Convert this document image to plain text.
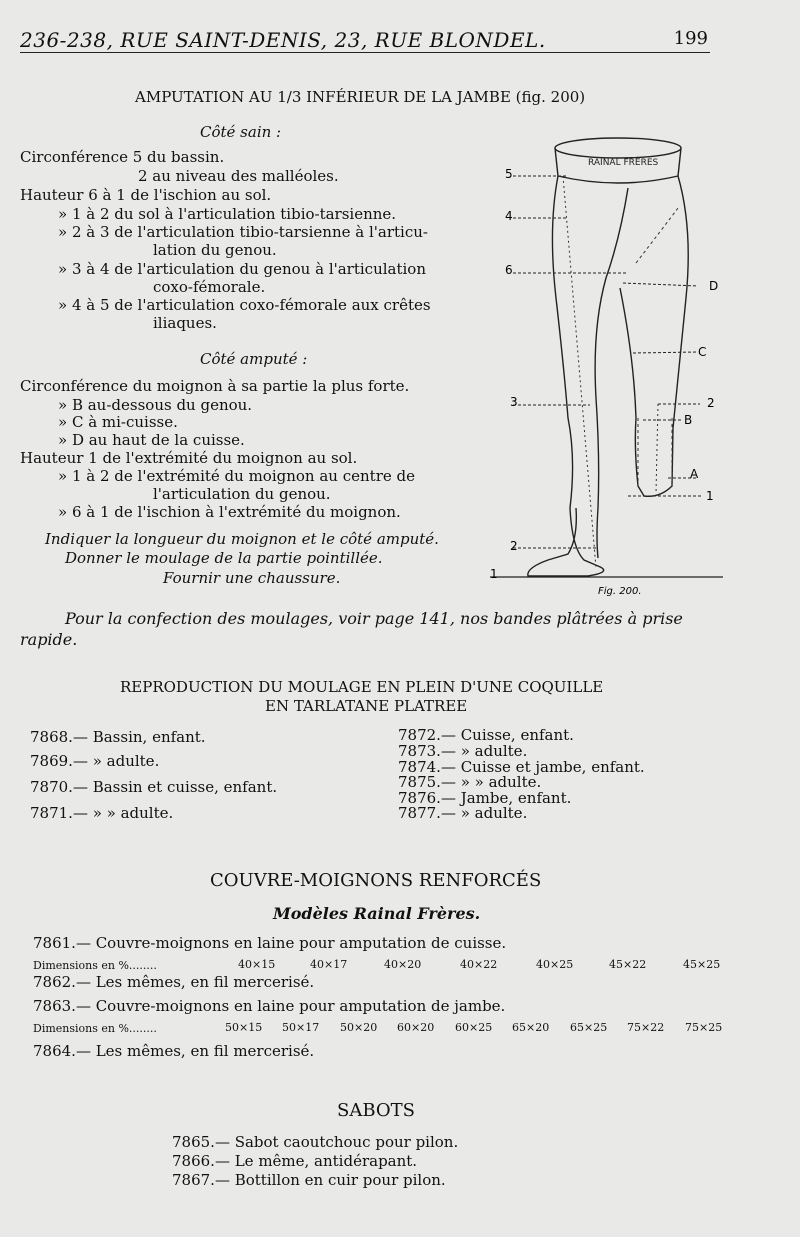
236-238, RUE SAINT-DENIS, 23, RUE BLONDEL.	199
AMPUTATION AU 1/3 INFÉRIEUR DE LA JAMBE (fig. 200)
Côté sain :
Circonférence 5 du bassin.
2 au niveau des malléoles.
Hauteur 6 à 1 de l'ischion au sol.
» 1 à 2 du sol à l'articulation tibio-tarsienne.
» 2 à 3 de l'articulation tibio-tarsienne à l'articu-
lation du genou.
» 3 à 4 de l'articulation du genou à l'articulation
coxo-fémorale.
» 4 à 5 de l'articulation coxo-fémorale aux crêtes
iliaques.
Côté amputé :
Circonférence du moignon à sa partie la plus forte.
» B au-dessous du genou.
» C à mi-cuisse.
» D au haut de la cuisse.
Hauteur 1 de l'extrémité du moignon au sol.
» 1 à 2 de l'extrémité du moignon au centre de
l'articulation du genou.
» 6 à 1 de l'ischion à l'extrémité du moignon.
Indiquer la longueur du moignon et le côté amputé.
Donner le moulage de la partie pointillée.
Fournir une chaussure.
Pour la confection des moulages, voir page 141, nos bandes plâtrées à prise
rapide.
RAINAL FRÈRES
5
4
6
D
C
3	2
B
A
1
2
1
Fig. 200.
REPRODUCTION DU MOULAGE EN PLEIN D'UNE COQUILLE
EN TARLATANE PLATREE
7868.— Bassin, enfant.
7869.— » adulte.
7870.— Bassin et cuisse, enfant.
7871.— » » adulte.
7872.— Cuisse, enfant.
7873.— » adulte.
7874.— Cuisse et jambe, enfant.
7875.— » » adulte.
7876.— Jambe, enfant.
7877.— » adulte.
COUVRE-MOIGNONS RENFORCÉS
Modèles Rainal Frères.
7861.— Couvre-moignons en laine pour amputation de cuisse.
Dimensions en %........	40×15	40×17	40×20	40×22	40×25	45×22	45×25
7862.— Les mêmes, en fil mercerisé.
7863.— Couvre-moignons en laine pour amputation de jambe.
Dimensions en %........	50×15 50×17 50×20 60×20 60×25 65×20 65×25 75×22 75×25
7864.— Les mêmes, en fil mercerisé.
SABOTS
7865.— Sabot caoutchouc pour pilon.
7866.— Le même, antidérapant.
7867.— Bottillon en cuir pour pilon.
